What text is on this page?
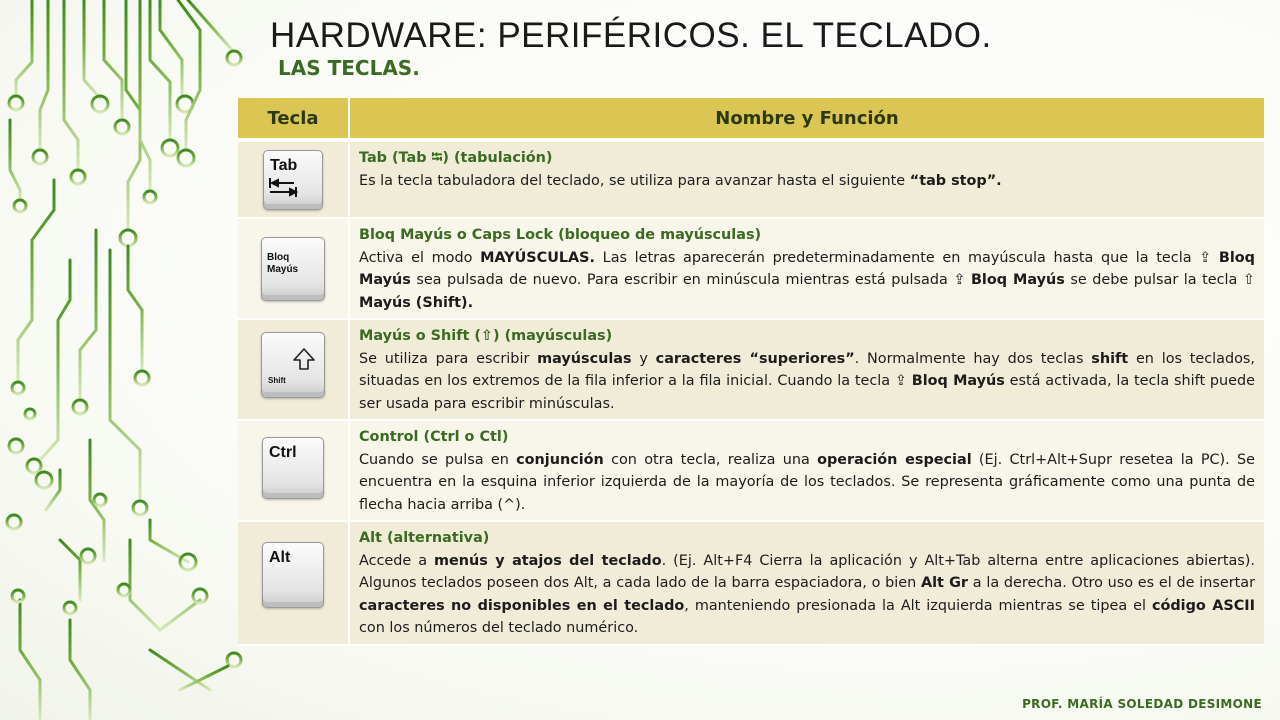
HARDWARE: PERIFÉRICOS. EL TECLADO.
LAS TECLAS.
Tecla	Nombre y Función

Tab	Tab (Tab ⭾) (tabulación)
Es la tecla tabuladora del teclado, se utiliza para avanzar hasta el siguiente “tab stop”.

Bloq
Mayús	Bloq Mayús o Caps Lock (bloqueo de mayúsculas)
Activa el modo MAYÚSCULAS. Las letras aparecerán predeterminadamente en mayúscula hasta que la tecla ⇪ Bloq Mayús sea pulsada de nuevo. Para escribir en minúscula mientras está pulsada ⇪ Bloq Mayús se debe pulsar la tecla ⇧ Mayús (Shift).

Shift	Mayús o Shift (⇧) (mayúsculas)
Se utiliza para escribir mayúsculas y caracteres “superiores”. Normalmente hay dos teclas shift en los teclados, situadas en los extremos de la fila inferior a la fila inicial. Cuando la tecla ⇪ Bloq Mayús está activada, la tecla shift puede ser usada para escribir minúsculas.

Ctrl	Control (Ctrl o Ctl)
Cuando se pulsa en conjunción con otra tecla, realiza una operación especial (Ej. Ctrl+Alt+Supr resetea la PC). Se encuentra en la esquina inferior izquierda de la mayoría de los teclados. Se representa gráficamente como una punta de flecha hacia arriba (^).

Alt	Alt (alternativa)
Accede a menús y atajos del teclado. (Ej. Alt+F4 Cierra la aplicación y Alt+Tab alterna entre aplicaciones abiertas). Algunos teclados poseen dos Alt, a cada lado de la barra espaciadora, o bien Alt Gr a la derecha. Otro uso es el de insertar caracteres no disponibles en el teclado, manteniendo presionada la Alt izquierda mientras se tipea el código ASCII con los números del teclado numérico.

PROF. MARÍA SOLEDAD DESIMONE
